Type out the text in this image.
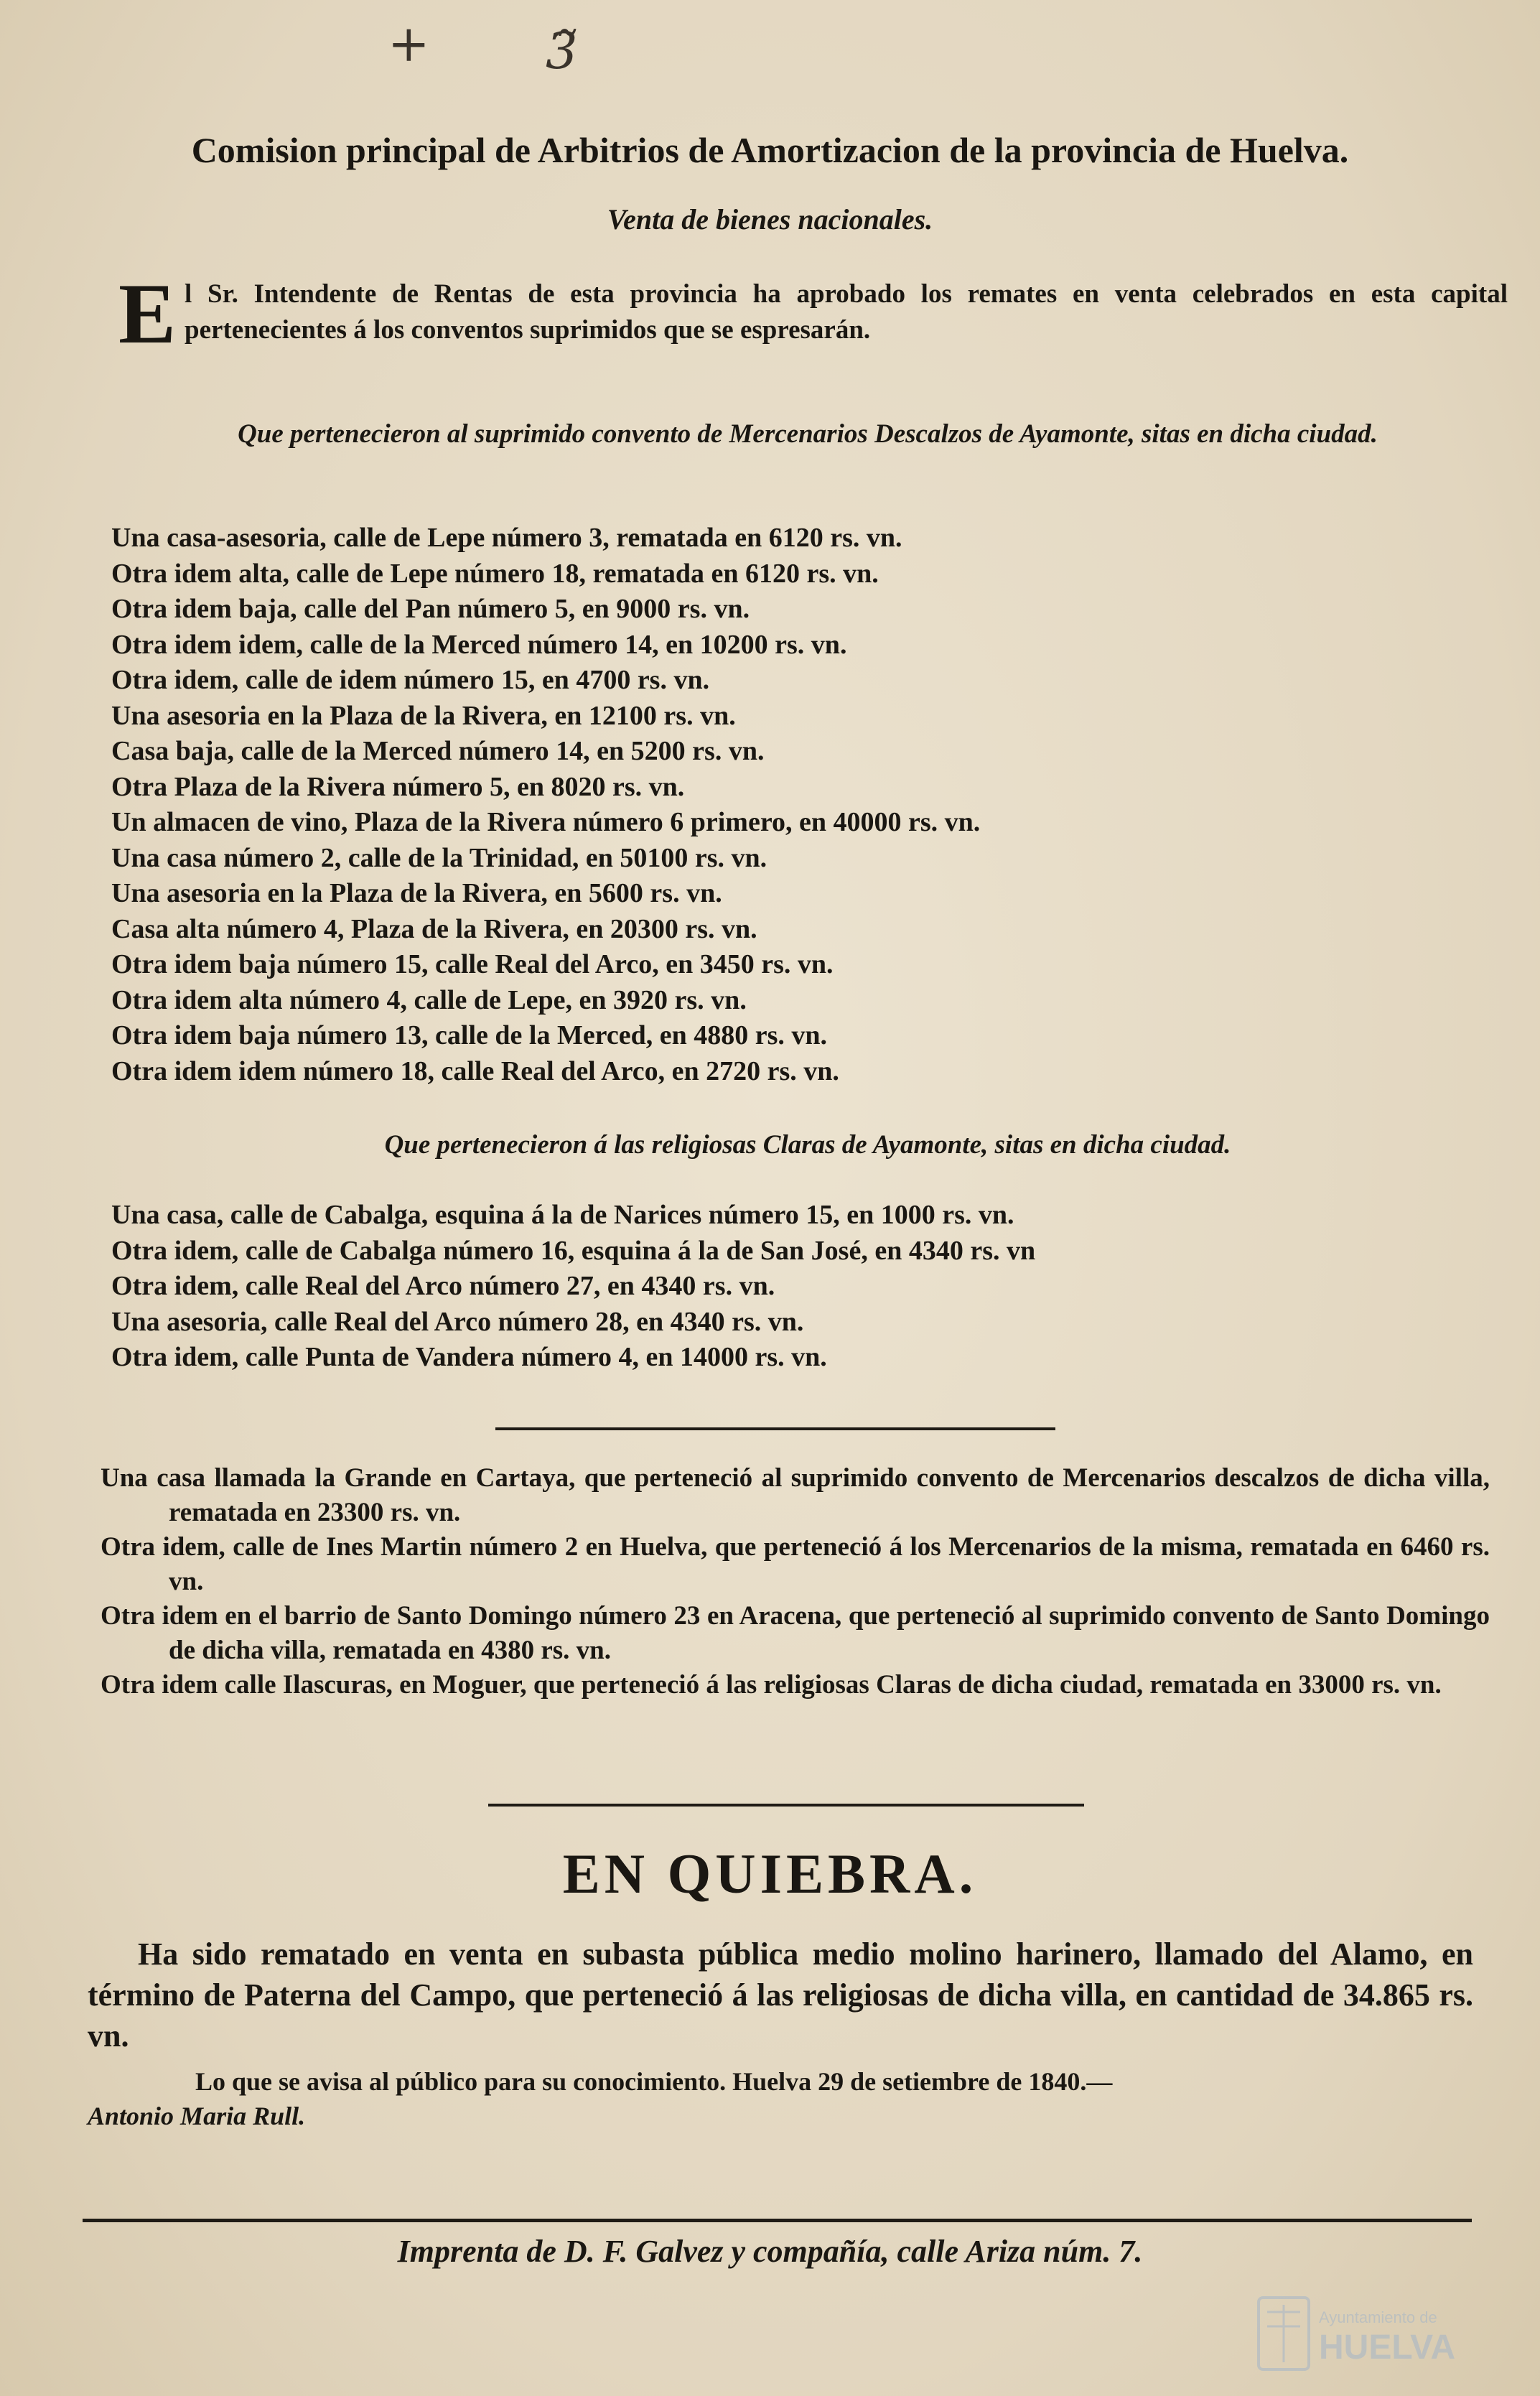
+ 3̃
Comision principal de Arbitrios de Amortizacion de la provincia de Huelva.
Venta de bienes nacionales.
El Sr. Intendente de Rentas de esta provincia ha aprobado los remates en venta celebrados en esta capital pertenecientes á los conventos suprimidos que se espresarán.
Que pertenecieron al suprimido convento de Mercenarios Descalzos de Ayamonte, sitas en dicha ciudad.
Una casa-asesoria, calle de Lepe número 3, rematada en 6120 rs. vn.
Otra idem alta, calle de Lepe número 18, rematada en 6120 rs. vn.
Otra idem baja, calle del Pan número 5, en 9000 rs. vn.
Otra idem idem, calle de la Merced número 14, en 10200 rs. vn.
Otra idem, calle de idem número 15, en 4700 rs. vn.
Una asesoria en la Plaza de la Rivera, en 12100 rs. vn.
Casa baja, calle de la Merced número 14, en 5200 rs. vn.
Otra Plaza de la Rivera número 5, en 8020 rs. vn.
Un almacen de vino, Plaza de la Rivera número 6 primero, en 40000 rs. vn.
Una casa número 2, calle de la Trinidad, en 50100 rs. vn.
Una asesoria en la Plaza de la Rivera, en 5600 rs. vn.
Casa alta número 4, Plaza de la Rivera, en 20300 rs. vn.
Otra idem baja número 15, calle Real del Arco, en 3450 rs. vn.
Otra idem alta número 4, calle de Lepe, en 3920 rs. vn.
Otra idem baja número 13, calle de la Merced, en 4880 rs. vn.
Otra idem idem número 18, calle Real del Arco, en 2720 rs. vn.
Que pertenecieron á las religiosas Claras de Ayamonte, sitas en dicha ciudad.
Una casa, calle de Cabalga, esquina á la de Narices número 15, en 1000 rs. vn.
Otra idem, calle de Cabalga número 16, esquina á la de San José, en 4340 rs. vn
Otra idem, calle Real del Arco número 27, en 4340 rs. vn.
Una asesoria, calle Real del Arco número 28, en 4340 rs. vn.
Otra idem, calle Punta de Vandera número 4, en 14000 rs. vn.

Una casa llamada la Grande en Cartaya, que perteneció al suprimido convento de Mercenarios descalzos de dicha villa, rematada en 23300 rs. vn.

Otra idem, calle de Ines Martin número 2 en Huelva, que perteneció á los Mercenarios de la misma, rematada en 6460 rs. vn.

Otra idem en el barrio de Santo Domingo número 23 en Aracena, que perteneció al suprimido convento de Santo Domingo de dicha villa, rematada en 4380 rs. vn.

Otra idem calle Ilascuras, en Moguer, que perteneció á las religiosas Claras de dicha ciudad, rematada en 33000 rs. vn.

EN QUIEBRA.
Ha sido rematado en venta en subasta pública medio molino harinero, llamado del Alamo, en término de Paterna del Campo, que perteneció á las religiosas de dicha villa, en cantidad de 34.865 rs. vn.
Lo que se avisa al público para su conocimiento. Huelva 29 de setiembre de 1840.—
Antonio Maria Rull.
Imprenta de D. F. Galvez y compañía, calle Ariza núm. 7.
Ayuntamiento de
HUELVA
